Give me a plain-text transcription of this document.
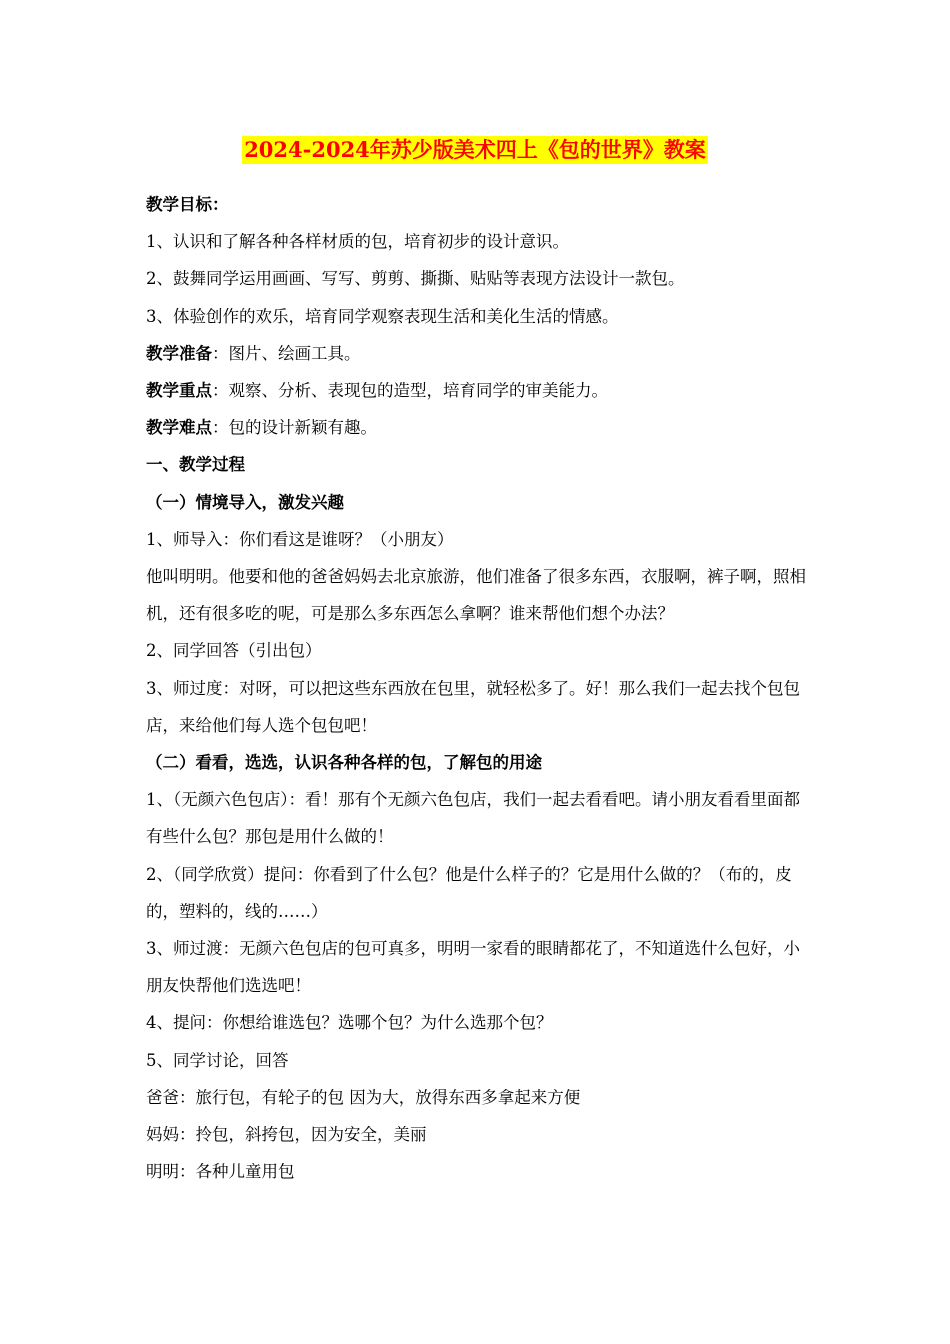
2024-2024年苏少版美术四上《包的世界》教案

教学目标：

1、认识和了解各种各样材质的包，培育初步的设计意识。

2、鼓舞同学运用画画、写写、剪剪、撕撕、贴贴等表现方法设计一款包。

3、体验创作的欢乐，培育同学观察表现生活和美化生活的情感。

教学准备：图片、绘画工具。

教学重点：观察、分析、表现包的造型，培育同学的审美能力。

教学难点：包的设计新颖有趣。

一、教学过程

（一）情境导入，激发兴趣

1、师导入：你们看这是谁呀？（小朋友）

他叫明明。他要和他的爸爸妈妈去北京旅游，他们准备了很多东西，衣服啊，裤子啊，照相机，还有很多吃的呢，可是那么多东西怎么拿啊？谁来帮他们想个办法？

2、同学回答（引出包）

3、师过度：对呀，可以把这些东西放在包里，就轻松多了。好！那么我们一起去找个包包店，来给他们每人选个包包吧！

（二）看看，选选，认识各种各样的包，了解包的用途

1、（无颜六色包店）：看！那有个无颜六色包店，我们一起去看看吧。请小朋友看看里面都有些什么包？那包是用什么做的！

2、（同学欣赏）提问：你看到了什么包？他是什么样子的？它是用什么做的？（布的，皮的，塑料的，线的……）

3、师过渡：无颜六色包店的包可真多，明明一家看的眼睛都花了，不知道选什么包好，小朋友快帮他们选选吧！

4、提问：你想给谁选包？选哪个包？为什么选那个包？

5、同学讨论，回答

爸爸：旅行包，有轮子的包 因为大，放得东西多拿起来方便

妈妈：拎包，斜挎包，因为安全，美丽

明明：各种儿童用包
